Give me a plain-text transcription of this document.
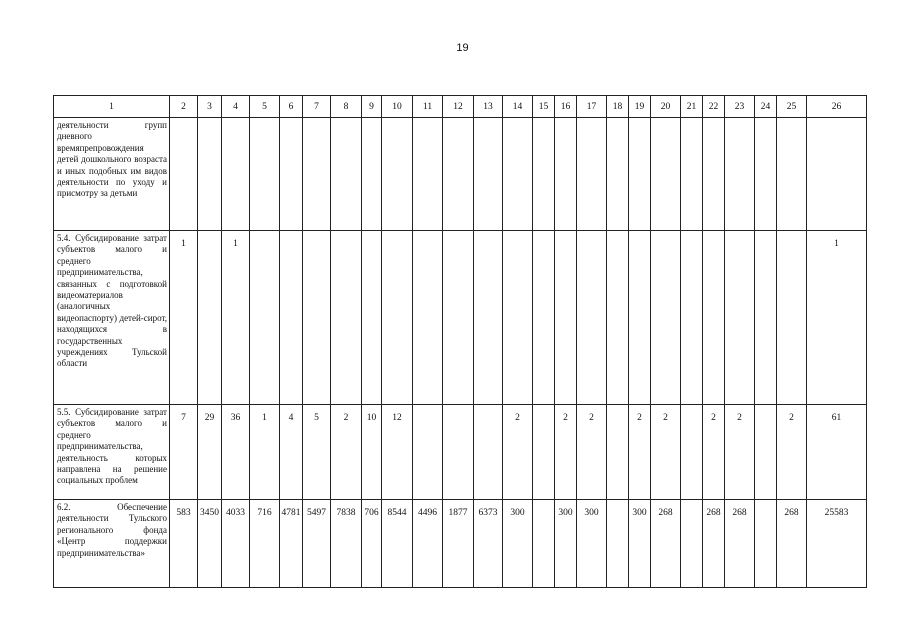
19
1	2	3	4	5	6	7	8	9	10	11	12	13	14	15	16	17	18	19	20	21	22	23	24	25	26
деятельности групп дневного времяпрепровождения детей дошкольного возраста и иных подобных им видов деятельности по уходу и присмотру за детьми																									
5.4. Субсидирование затрат субъектов малого и среднего предпринимательства, связанных с подготовкой видеоматериалов (аналогичных видеопаспорту) детей-сирот, находящихся в государственных учреждениях Тульской области	1		1																						1
5.5. Субсидирование затрат субъектов малого и среднего предпринимательства, деятельность которых направлена на решение социальных проблем	7	29	36	1	4	5	2	10	12				2		2	2		2	2		2	2		2	61
6.2. Обеспечение деятельности Тульского регионального фонда «Центр поддержки предпринимательства»	583	3450	4033	716	4781	5497	7838	706	8544	4496	1877	6373	300		300	300		300	268		268	268		268	25583
